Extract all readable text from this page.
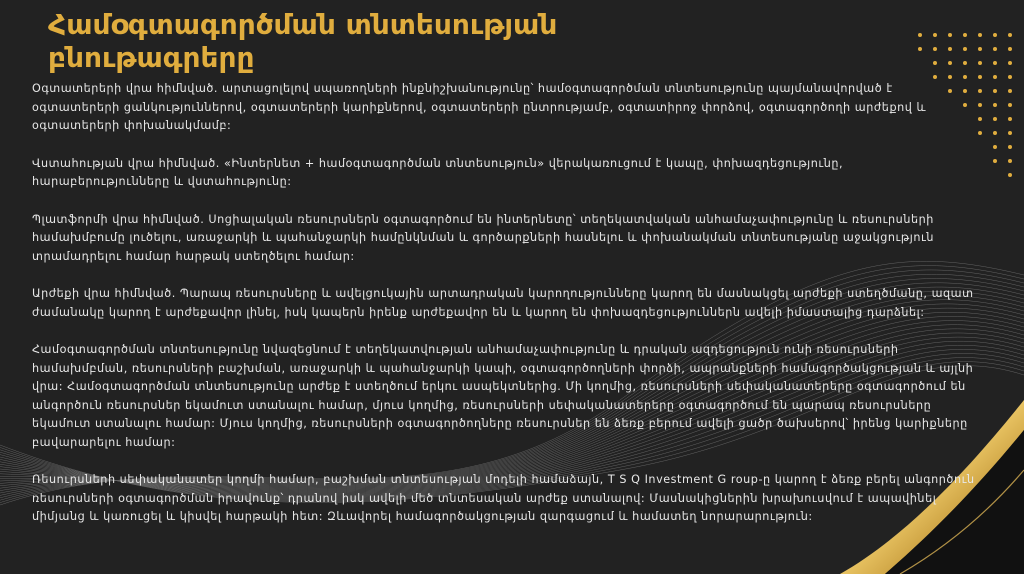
Համօգտագործման տնտեսության
բնութագրերը

Օգտատերերի վրա հիմնված. արտացոլելով սպառողների ինքնիշխանությունը՝ համօգտագործման տնտեսությունը պայմանավորված է օգտատերերի ցանկություններով, օգտատերերի կարիքներով, օգտատերերի ընտրությամբ, օգտատիրոջ փորձով, օգտագործողի արժեքով և օգտատերերի փոխանակմամբ:

Վստահության վրա հիմնված. «Ինտերնետ + համօգտագործման տնտեսություն» վերակառուցում է կապը, փոխազդեցությունը, հարաբերությունները և վստահությունը:

Պլատֆորմի վրա հիմնված. Սոցիալական ռեսուրսներն օգտագործում են ինտերնետը՝ տեղեկատվական անհամաչափությունը և ռեսուրսների համախմբումը լուծելու, առաջարկի և պահանջարկի համընկնման և գործարքների հասնելու և փոխանակման տնտեսությանը աջակցություն տրամադրելու համար հարթակ ստեղծելու համար:

Արժեքի վրա հիմնված. Պարապ ռեսուրսները և ավելցուկային արտադրական կարողությունները կարող են մասնակցել արժեքի ստեղծմանը, ազատ ժամանակը կարող է արժեքավոր լինել, իսկ կապերն իրենք արժեքավոր են և կարող են փոխազդեցություններն ավելի իմաստալից դարձնել:

Համօգտագործման տնտեսությունը նվազեցնում է տեղեկատվության անհամաչափությունը և դրական ազդեցություն ունի ռեսուրսների համախմբման, ռեսուրսների բաշխման, առաջարկի և պահանջարկի կապի, օգտագործողների փորձի, ապրանքների համագործակցության և այլնի վրա: Համօգտագործման տնտեսությունը արժեք է ստեղծում երկու ասպեկտներից. Մի կողմից, ռեսուրսների սեփականատերերը օգտագործում են անգործուն ռեսուրսներ եկամուտ ստանալու համար, մյուս կողմից, ռեսուրսների սեփականատերերը օգտագործում են պարապ ռեսուրսները եկամուտ ստանալու համար: Մյուս կողմից, ռեսուրսների օգտագործողները ռեսուրսներ են ձեռք բերում ավելի ցածր ծախսերով՝ իրենց կարիքները բավարարելու համար:

Ռեսուրսների սեփականատեր կողմի համար, բաշխման տնտեսության մոդելի համաձայն, T S Q Investment G roup-ը կարող է ձեռք բերել անգործուն ռեսուրսների օգտագործման իրավունք՝ դրանով իսկ ավելի մեծ տնտեսական արժեք ստանալով: Մասնակիցներին խրախուսվում է ապավինել միմյանց և կառուցել և կիսվել հարթակի հետ: Զևավորել համագործակցության զարգացում և համատեղ նորարարություն:
